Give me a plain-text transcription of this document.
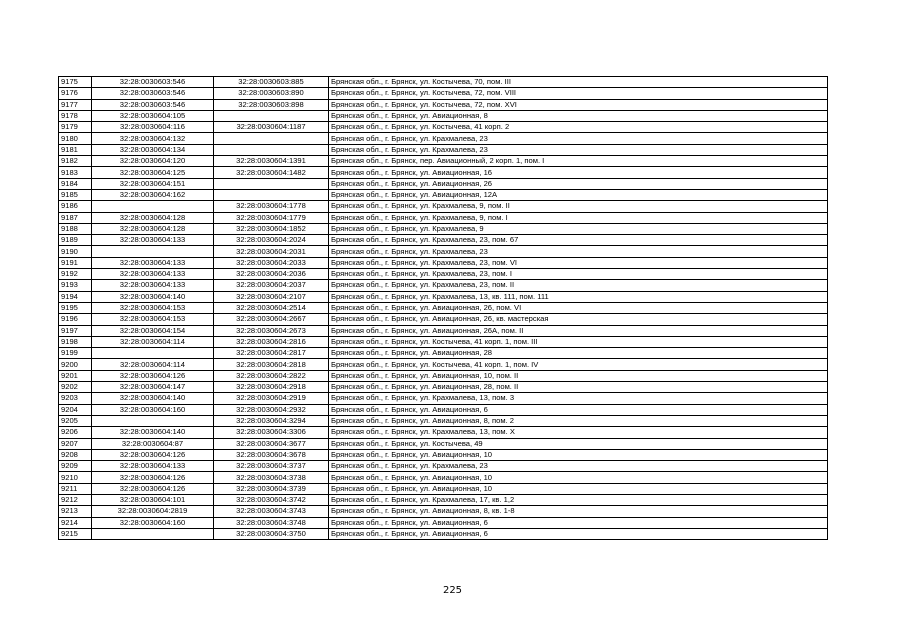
9175	32:28:0030603:546	32:28:0030603:885	Брянская обл., г. Брянск, ул. Костычева, 70, пом. III
9176	32:28:0030603:546	32:28:0030603:890	Брянская обл., г. Брянск, ул. Костычева, 72, пом. VIII
9177	32:28:0030603:546	32:28:0030603:898	Брянская обл., г. Брянск, ул. Костычева, 72, пом. XVI
9178	32:28:0030604:105		Брянская обл., г. Брянск, ул. Авиационная, 8
9179	32:28:0030604:116	32:28:0030604:1187	Брянская обл., г. Брянск, ул. Костычева, 41 корп. 2
9180	32:28:0030604:132		Брянская обл., г. Брянск, ул. Крахмалева, 23
9181	32:28:0030604:134		Брянская обл., г. Брянск, ул. Крахмалева, 23
9182	32:28:0030604:120	32:28:0030604:1391	Брянская обл., г. Брянск, пер. Авиационный, 2 корп. 1, пом. I
9183	32:28:0030604:125	32:28:0030604:1482	Брянская обл., г. Брянск, ул. Авиационная, 16
9184	32:28:0030604:151		Брянская обл., г. Брянск, ул. Авиационная, 26
9185	32:28:0030604:162		Брянская обл., г. Брянск, ул. Авиационная, 12А
9186		32:28:0030604:1778	Брянская обл., г. Брянск, ул. Крахмалева, 9, пом. II
9187	32:28:0030604:128	32:28:0030604:1779	Брянская обл., г. Брянск, ул. Крахмалева, 9, пом. I
9188	32:28:0030604:128	32:28:0030604:1852	Брянская обл., г. Брянск, ул. Крахмалева, 9
9189	32:28:0030604:133	32:28:0030604:2024	Брянская обл., г. Брянск, ул. Крахмалева, 23, пом. 67
9190		32:28:0030604:2031	Брянская обл., г. Брянск, ул. Крахмалева, 23
9191	32:28:0030604:133	32:28:0030604:2033	Брянская обл., г. Брянск, ул. Крахмалева, 23, пом. VI
9192	32:28:0030604:133	32:28:0030604:2036	Брянская обл., г. Брянск, ул. Крахмалева, 23, пом. I
9193	32:28:0030604:133	32:28:0030604:2037	Брянская обл., г. Брянск, ул. Крахмалева, 23, пом. II
9194	32:28:0030604:140	32:28:0030604:2107	Брянская обл., г. Брянск, ул. Крахмалева, 13, кв. 111, пом. 111
9195	32:28:0030604:153	32:28:0030604:2514	Брянская обл., г. Брянск, ул. Авиационная, 26, пом. VI
9196	32:28:0030604:153	32:28:0030604:2667	Брянская обл., г. Брянск, ул. Авиационная, 26, кв. мастерская
9197	32:28:0030604:154	32:28:0030604:2673	Брянская обл., г. Брянск, ул. Авиационная, 26А, пом. II
9198	32:28:0030604:114	32:28:0030604:2816	Брянская обл., г. Брянск, ул. Костычева, 41 корп. 1, пом. III
9199		32:28:0030604:2817	Брянская обл., г. Брянск, ул. Авиационная, 28
9200	32:28:0030604:114	32:28:0030604:2818	Брянская обл., г. Брянск, ул. Костычева, 41 корп. 1, пом. IV
9201	32:28:0030604:126	32:28:0030604:2822	Брянская обл., г. Брянск, ул. Авиационная, 10, пом. II
9202	32:28:0030604:147	32:28:0030604:2918	Брянская обл., г. Брянск, ул. Авиационная, 28, пом. II
9203	32:28:0030604:140	32:28:0030604:2919	Брянская обл., г. Брянск, ул. Крахмалева, 13, пом. 3
9204	32:28:0030604:160	32:28:0030604:2932	Брянская обл., г. Брянск, ул. Авиационная, 6
9205		32:28:0030604:3294	Брянская обл., г. Брянск, ул. Авиационная, 8, пом. 2
9206	32:28:0030604:140	32:28:0030604:3306	Брянская обл., г. Брянск, ул. Крахмалева, 13, пом. X
9207	32:28:0030604:87	32:28:0030604:3677	Брянская обл., г. Брянск, ул. Костычева, 49
9208	32:28:0030604:126	32:28:0030604:3678	Брянская обл., г. Брянск, ул. Авиационная, 10
9209	32:28:0030604:133	32:28:0030604:3737	Брянская обл., г. Брянск, ул. Крахмалева, 23
9210	32:28:0030604:126	32:28:0030604:3738	Брянская обл., г. Брянск, ул. Авиационная, 10
9211	32:28:0030604:126	32:28:0030604:3739	Брянская обл., г. Брянск, ул. Авиационная, 10
9212	32:28:0030604:101	32:28:0030604:3742	Брянская обл., г. Брянск, ул. Крахмалева, 17, кв. 1,2
9213	32:28:0030604:2819	32:28:0030604:3743	Брянская обл., г. Брянск, ул. Авиационная, 8, кв. 1-8
9214	32:28:0030604:160	32:28:0030604:3748	Брянская обл., г. Брянск, ул. Авиационная, 6
9215		32:28:0030604:3750	Брянская обл., г. Брянск, ул. Авиационная, 6
225
